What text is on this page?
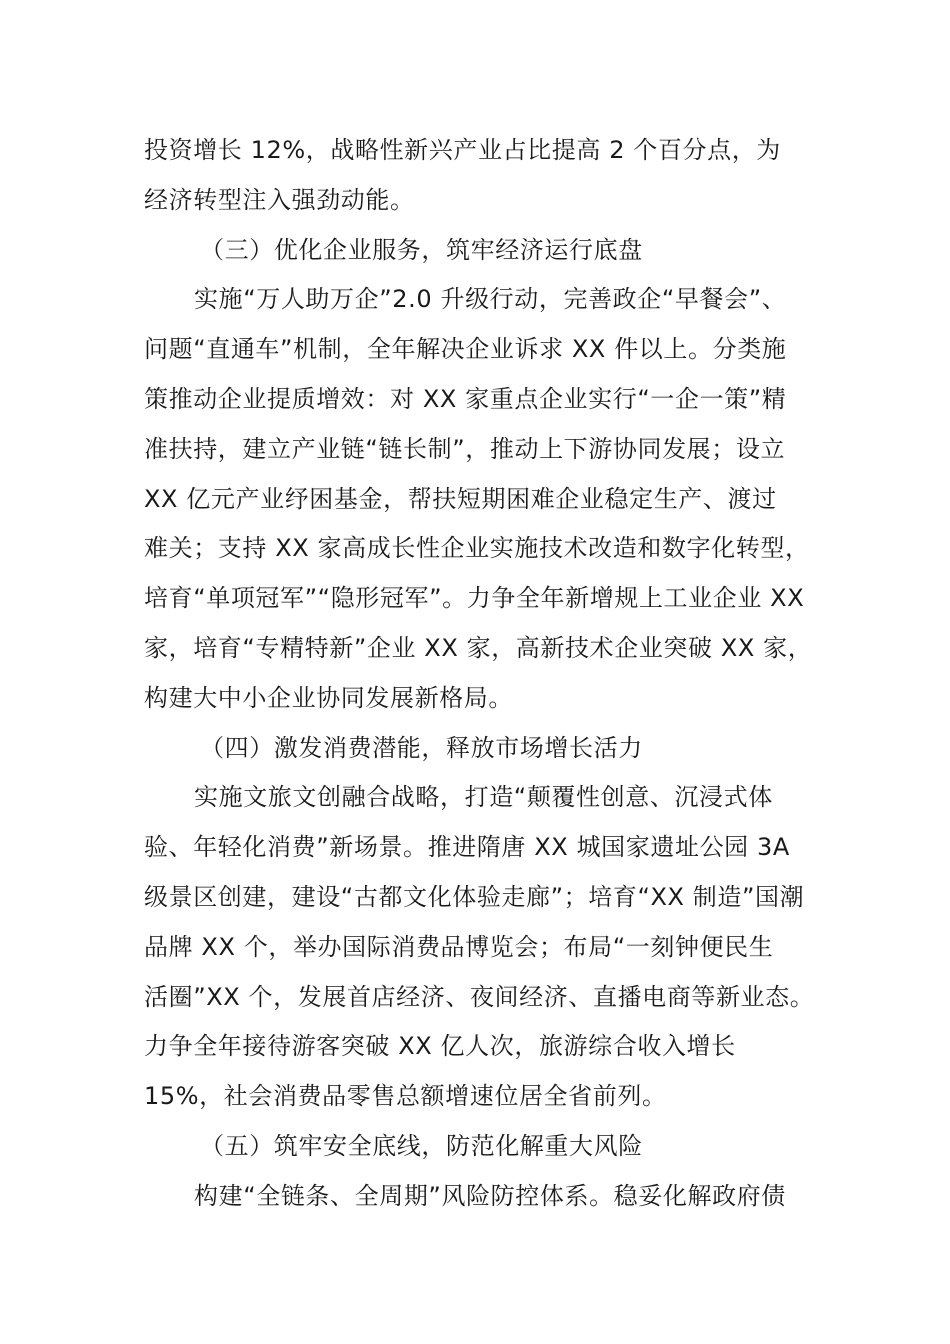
投资增长 12%，战略性新兴产业占比提高 2 个百分点，为
经济转型注入强劲动能。
（三）优化企业服务，筑牢经济运行底盘
实施“万人助万企”2.0 升级行动，完善政企“早餐会”、
问题“直通车”机制，全年解决企业诉求 XX 件以上。分类施
策推动企业提质增效：对 XX 家重点企业实行“一企一策”精
准扶持，建立产业链“链长制”，推动上下游协同发展；设立
XX 亿元产业纾困基金，帮扶短期困难企业稳定生产、渡过
难关；支持 XX 家高成长性企业实施技术改造和数字化转型，
培育“单项冠军”“隐形冠军”。力争全年新增规上工业企业 XX
家，培育“专精特新”企业 XX 家，高新技术企业突破 XX 家，
构建大中小企业协同发展新格局。
（四）激发消费潜能，释放市场增长活力
实施文旅文创融合战略，打造“颠覆性创意、沉浸式体
验、年轻化消费”新场景。推进隋唐 XX 城国家遗址公园 3A
级景区创建，建设“古都文化体验走廊”；培育“XX 制造”国潮
品牌 XX 个，举办国际消费品博览会；布局“一刻钟便民生
活圈”XX 个，发展首店经济、夜间经济、直播电商等新业态。
力争全年接待游客突破 XX 亿人次，旅游综合收入增长
15%，社会消费品零售总额增速位居全省前列。
（五）筑牢安全底线，防范化解重大风险
构建“全链条、全周期”风险防控体系。稳妥化解政府债
